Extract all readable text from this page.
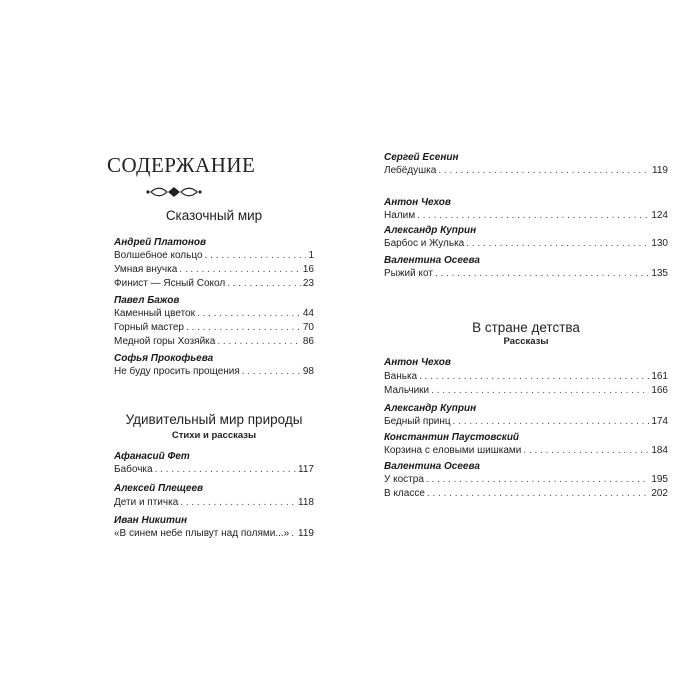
СОДЕРЖАНИЕ
Сказочный мир
Андрей Платонов
Волшебное кольцо . . .	1
Умная внучка . . .	16
Финист — Ясный Сокол . . .	23
Павел Бажов
Каменный цветок . . .	44
Горный мастер . . .	70
Медной горы Хозяйка . . .	86
Софья Прокофьева
Не буду просить прощения . . .	98
Удивительный мир природы
Стихи и рассказы
Афанасий Фет
Бабочка . . .	117
Алексей Плещеев
Дети и птичка . . .	118
Иван Никитин
«В синем небе плывут над полями...» . . . 119
Сергей Есенин
Лебёдушка . . .	119
Антон Чехов
Налим . . .	124
Александр Куприн
Барбос и Жулька . . .	130
Валентина Осеева
Рыжий кот . . .	135
В стране детства
Рассказы
Антон Чехов
Ванька . . .	161
Мальчики . . .	166
Александр Куприн
Бедный принц . . .	174
Константин Паустовский
Корзина с еловыми шишками . . .	184
Валентина Осеева
У костра . . .	195
В классе . . .	202
